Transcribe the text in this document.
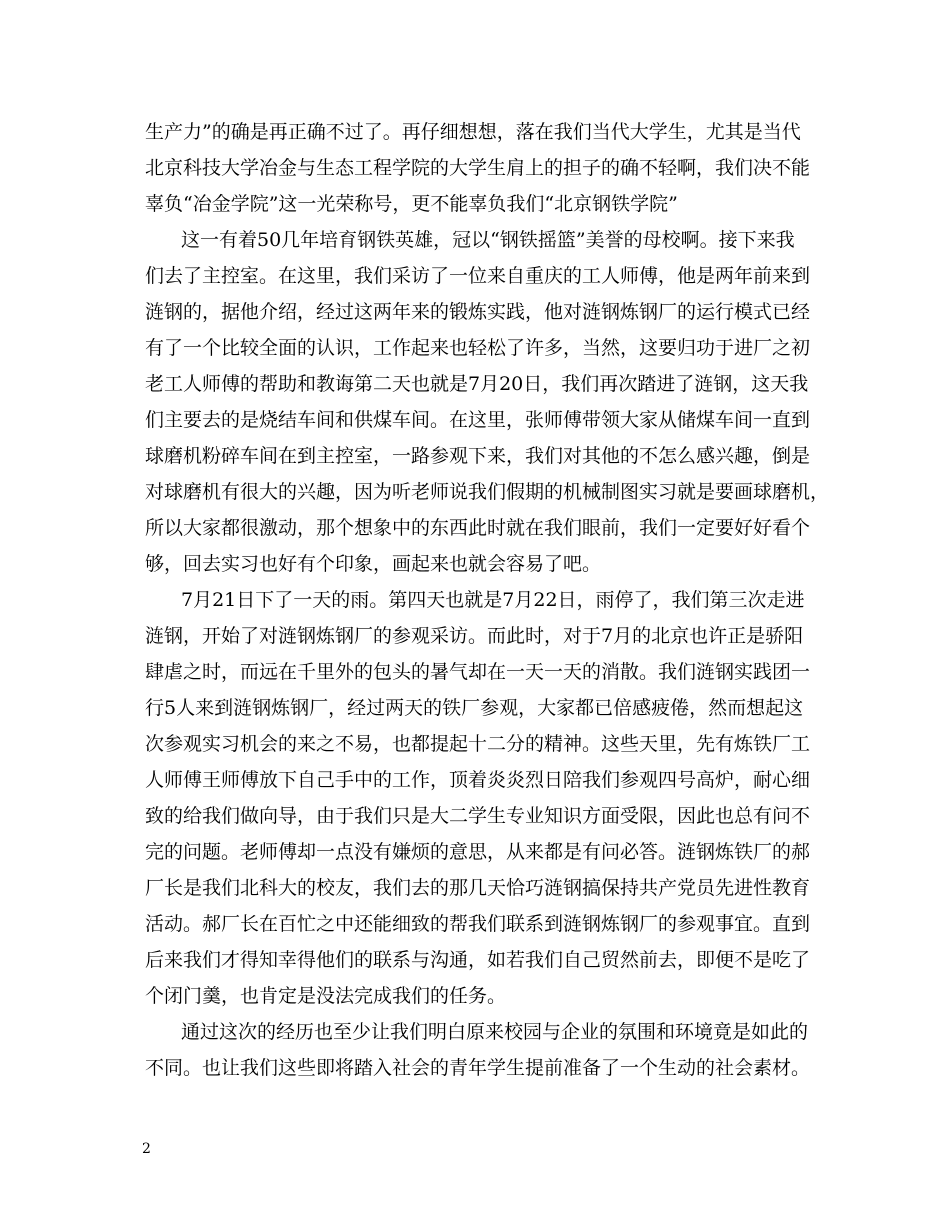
生产力”的确是再正确不过了。再仔细想想，落在我们当代大学生，尤其是当代
北京科技大学冶金与生态工程学院的大学生肩上的担子的确不轻啊，我们决不能
辜负“冶金学院”这一光荣称号，更不能辜负我们“北京钢铁学院”
这一有着50几年培育钢铁英雄，冠以“钢铁摇篮”美誉的母校啊。接下来我
们去了主控室。在这里，我们采访了一位来自重庆的工人师傅，他是两年前来到
涟钢的，据他介绍，经过这两年来的锻炼实践，他对涟钢炼钢厂的运行模式已经
有了一个比较全面的认识，工作起来也轻松了许多，当然，这要归功于进厂之初
老工人师傅的帮助和教诲第二天也就是7月20日，我们再次踏进了涟钢，这天我
们主要去的是烧结车间和供煤车间。在这里，张师傅带领大家从储煤车间一直到
球磨机粉碎车间在到主控室，一路参观下来，我们对其他的不怎么感兴趣，倒是
对球磨机有很大的兴趣，因为听老师说我们假期的机械制图实习就是要画球磨机，
所以大家都很激动，那个想象中的东西此时就在我们眼前，我们一定要好好看个
够，回去实习也好有个印象，画起来也就会容易了吧。
7月21日下了一天的雨。第四天也就是7月22日，雨停了，我们第三次走进
涟钢，开始了对涟钢炼钢厂的参观采访。而此时，对于7月的北京也许正是骄阳
肆虐之时，而远在千里外的包头的暑气却在一天一天的消散。我们涟钢实践团一
行5人来到涟钢炼钢厂，经过两天的铁厂参观，大家都已倍感疲倦，然而想起这
次参观实习机会的来之不易，也都提起十二分的精神。这些天里，先有炼铁厂工
人师傅王师傅放下自己手中的工作，顶着炎炎烈日陪我们参观四号高炉，耐心细
致的给我们做向导，由于我们只是大二学生专业知识方面受限，因此也总有问不
完的问题。老师傅却一点没有嫌烦的意思，从来都是有问必答。涟钢炼铁厂的郝
厂长是我们北科大的校友，我们去的那几天恰巧涟钢搞保持共产党员先进性教育
活动。郝厂长在百忙之中还能细致的帮我们联系到涟钢炼钢厂的参观事宜。直到
后来我们才得知幸得他们的联系与沟通，如若我们自己贸然前去，即便不是吃了
个闭门羹，也肯定是没法完成我们的任务。
通过这次的经历也至少让我们明白原来校园与企业的氛围和环境竟是如此的
不同。也让我们这些即将踏入社会的青年学生提前准备了一个生动的社会素材。
2
